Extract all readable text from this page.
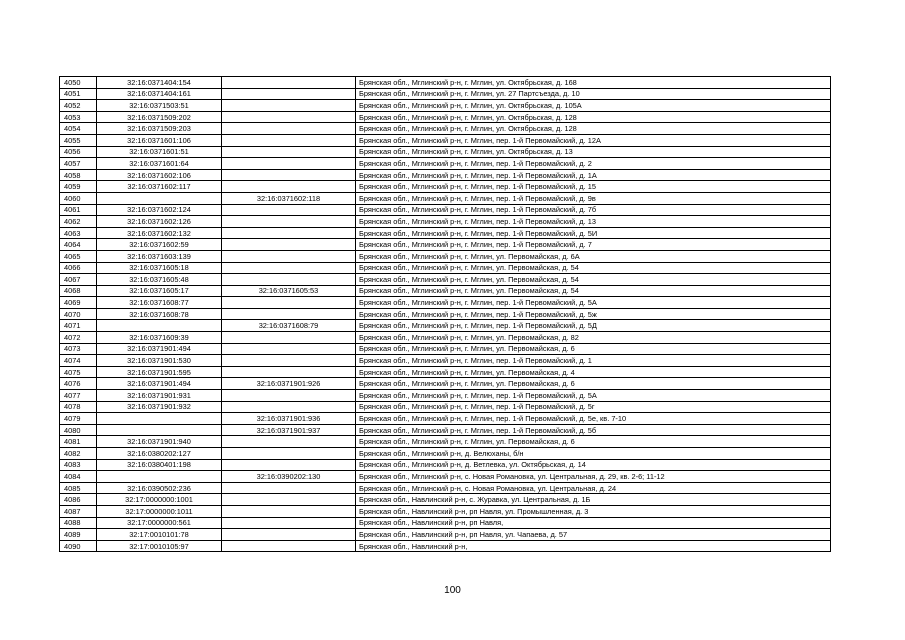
4050	32:16:0371404:154		Брянская обл., Мглинский р-н, г. Мглин, ул. Октябрьская, д. 168
4051	32:16:0371404:161		Брянская обл., Мглинский р-н, г. Мглин, ул. 27 Партсъезда, д. 10
4052	32:16:0371503:51		Брянская обл., Мглинский р-н, г. Мглин, ул. Октябрьская, д. 105А
4053	32:16:0371509:202		Брянская обл., Мглинский р-н, г. Мглин, ул. Октябрьская, д. 128
4054	32:16:0371509:203		Брянская обл., Мглинский р-н, г. Мглин, ул. Октябрьская, д. 128
4055	32:16:0371601:106		Брянская обл., Мглинский р-н, г. Мглин, пер. 1-й Первомайский, д. 12А
4056	32:16:0371601:51		Брянская обл., Мглинский р-н, г. Мглин, ул. Октябрьская, д. 13
4057	32:16:0371601:64		Брянская обл., Мглинский р-н, г. Мглин, пер. 1-й Первомайский, д. 2
4058	32:16:0371602:106		Брянская обл., Мглинский р-н, г. Мглин, пер. 1-й Первомайский, д. 1А
4059	32:16:0371602:117		Брянская обл., Мглинский р-н, г. Мглин, пер. 1-й Первомайский, д. 15
4060		32:16:0371602:118	Брянская обл., Мглинский р-н, г. Мглин, пер. 1-й Первомайский, д. 9в
4061	32:16:0371602:124		Брянская обл., Мглинский р-н, г. Мглин, пер. 1-й Первомайский, д. 7б
4062	32:16:0371602:126		Брянская обл., Мглинский р-н, г. Мглин, пер. 1-й Первомайский, д. 13
4063	32:16:0371602:132		Брянская обл., Мглинский р-н, г. Мглин, пер. 1-й Первомайский, д. 5И
4064	32:16:0371602:59		Брянская обл., Мглинский р-н, г. Мглин, пер. 1-й Первомайский, д. 7
4065	32:16:0371603:139		Брянская обл., Мглинский р-н, г. Мглин, ул. Первомайская, д. 6А
4066	32:16:0371605:18		Брянская обл., Мглинский р-н, г. Мглин, ул. Первомайская, д. 54
4067	32:16:0371605:48		Брянская обл., Мглинский р-н, г. Мглин, ул. Первомайская, д. 54
4068	32:16:0371605:17	32:16:0371605:53	Брянская обл., Мглинский р-н, г. Мглин, ул. Первомайская, д. 54
4069	32:16:0371608:77		Брянская обл., Мглинский р-н, г. Мглин, пер. 1-й Первомайский, д. 5А
4070	32:16:0371608:78		Брянская обл., Мглинский р-н, г. Мглин, пер. 1-й Первомайский, д. 5ж
4071		32:16:0371608:79	Брянская обл., Мглинский р-н, г. Мглин, пер. 1-й Первомайский, д. 5Д
4072	32:16:0371609:39		Брянская обл., Мглинский р-н, г. Мглин, ул. Первомайская, д. 82
4073	32:16:0371901:494		Брянская обл., Мглинский р-н, г. Мглин, ул. Первомайская, д. 6
4074	32:16:0371901:530		Брянская обл., Мглинский р-н, г. Мглин, пер. 1-й Первомайский, д. 1
4075	32:16:0371901:595		Брянская обл., Мглинский р-н, г. Мглин, ул. Первомайская, д. 4
4076	32:16:0371901:494	32:16:0371901:926	Брянская обл., Мглинский р-н, г. Мглин, ул. Первомайская, д. 6
4077	32:16:0371901:931		Брянская обл., Мглинский р-н, г. Мглин, пер. 1-й Первомайский, д. 5А
4078	32:16:0371901:932		Брянская обл., Мглинский р-н, г. Мглин, пер. 1-й Первомайский, д. 5г
4079		32:16:0371901:936	Брянская обл., Мглинский р-н, г. Мглин, пер. 1-й Первомайский, д. 5е, кв. 7-10
4080		32:16:0371901:937	Брянская обл., Мглинский р-н, г. Мглин, пер. 1-й Первомайский, д. 5б
4081	32:16:0371901:940		Брянская обл., Мглинский р-н, г. Мглин, ул. Первомайская, д. 6
4082	32:16:0380202:127		Брянская обл., Мглинский р-н, д. Велюханы, б/н
4083	32:16:0380401:198		Брянская обл., Мглинский р-н, д. Ветлевка, ул. Октябрьская, д. 14
4084		32:16:0390202:130	Брянская обл., Мглинский р-н, с. Новая Романовка, ул. Центральная, д. 29, кв. 2-6; 11-12
4085	32:16:0390502:236		Брянская обл., Мглинский р-н, с. Новая Романовка, ул. Центральная, д. 24
4086	32:17:0000000:1001		Брянская обл., Навлинский р-н, с. Журавка, ул. Центральная, д. 1Б
4087	32:17:0000000:1011		Брянская обл., Навлинский р-н, рп Навля, ул. Промышленная, д. 3
4088	32:17:0000000:561		Брянская обл., Навлинский р-н, рп Навля,
4089	32:17:0010101:78		Брянская обл., Навлинский р-н, рп Навля, ул. Чапаева, д. 57
4090	32:17:0010105:97		Брянская обл., Навлинский р-н,
100
